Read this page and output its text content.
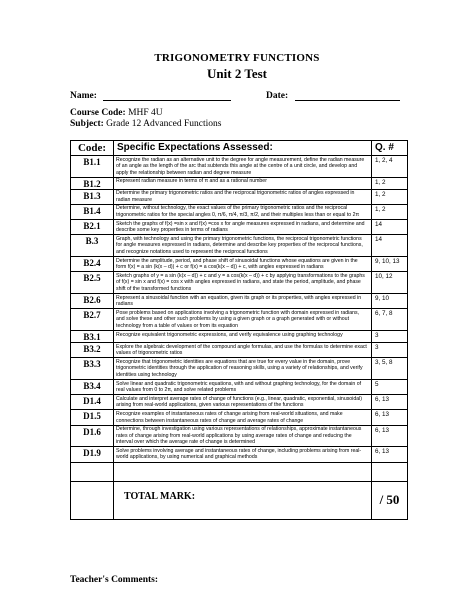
TRIGONOMETRY FUNCTIONS
Unit 2 Test
Name:	Date:
Course Code: MHF 4U
Subject: Grade 12 Advanced Functions
Code:	Specific Expectations Assessed:	Q. #
B1.1	Recognize the radian as an alternative unit to the degree for angle measurement, define the radian measure of an angle as the length of the arc that subtends this angle at the centre of a unit circle, and develop and apply the relationship between radian and degree measure	1, 2, 4
B1.2	Represent radian measure in terms of π and as a rational number	1, 2
B1.3	Determine the primary trigonometric ratios and the reciprocal trigonometric ratios of angles expressed in radian measure	1, 2
B1.4	Determine, without technology, the exact values of the primary trigonometric ratios and the reciprocal trigonometric ratios for the special angles 0, π/6, π/4, π/3, π/2, and their multiples less than or equal to 2π	1, 2
B2.1	Sketch the graphs of f(x) =sin x and f(x) =cos x for angle measures expressed in radians, and determine and describe some key properties in terms of radians	14
B.3	Graph, with technology and using the primary trigonometric functions, the reciprocal trigonometric functions for angle measures expressed in radians, determine and describe key properties of the reciprocal functions, and recognize notations used to represent the reciprocal functions	14
B2.4	Determine the amplitude, period, and phase shift of sinusoidal functions whose equations are given in the form f(x) = a sin (k(x – d)) + c or f(x) = a cos(k(x – d)) + c, with angles expressed in radians	9, 10, 13
B2.5	Sketch graphs of y = a sin (k(x – d)) + c and y = a cos(k(x – d)) + c by applying transformations to the graphs of f(x) = sin x and f(x) = cos x with angles expressed in radians, and state the period, amplitude, and phase shift of the transformed functions	10, 12
B2.6	Represent a sinusoidal function with an equation, given its graph or its properties, with angles expressed in radians	9, 10
B2.7	Pose problems based on applications involving a trigonometric function with domain expressed in radians, and solve these and other such problems by using a given graph or a graph generated with or without technology from a table of values or from its equation	6, 7, 8
B3.1	Recognize equivalent trigonometric expressions, and verify equivalence using graphing technology	3
B3.2	Explore the algebraic development of the compound angle formulas, and use the formulas to determine exact values of trigonometric ratios	3
B3.3	Recognize that trigonometric identities are equations that are true for every value in the domain, prove trigonometric identities through the application of reasoning skills, using a variety of relationships, and verify identities using technology	3, 5, 8
B3.4	Solve linear and quadratic trigonometric equations, with and without graphing technology, for the domain of real values from 0 to 2π, and solve related problems	5
D1.4	Calculate and interpret average rates of change of functions (e.g., linear, quadratic, exponential, sinusoidal) arising from real-world applications, given various representations of the functions	6, 13
D1.5	Recognize examples of instantaneous rates of change arising from real-world situations, and make connections between instantaneous rates of change and average rates of change	6, 13
D1.6	Determine, through investigation using various representations of relationships, approximate instantaneous rates of change arising from real-world applications by using average rates of change and reducing the interval over which the average rate of change is determined	6, 13
D1.9	Solve problems involving average and instantaneous rates of change, including problems arising from real-world applications, by using numerical and graphical methods	6, 13

	TOTAL MARK:	/ 50
Teacher's Comments:
